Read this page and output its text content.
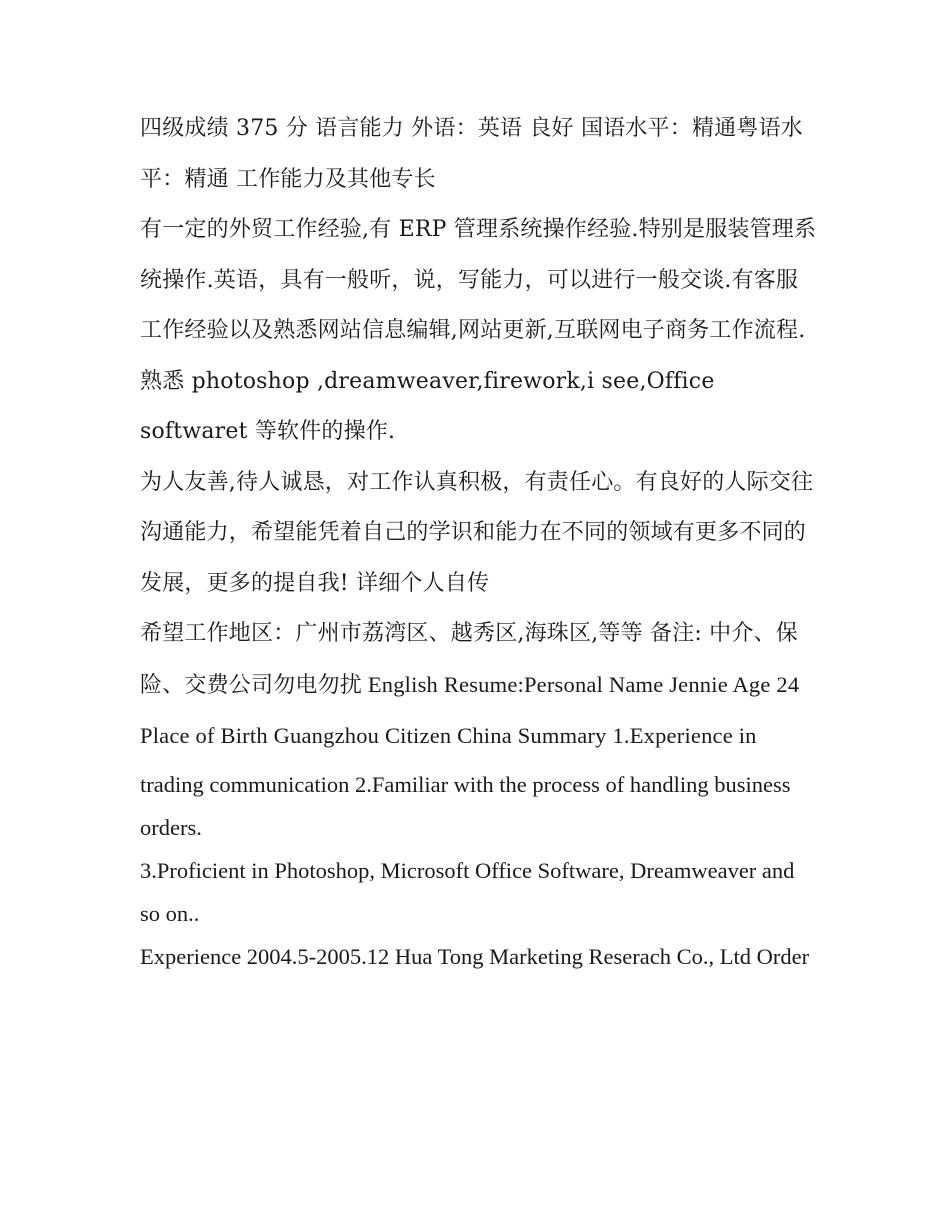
四级成绩 375 分 语言能力 外语：英语 良好 国语水平：精通粤语水平：精通 工作能力及其他专长

有一定的外贸工作经验,有 ERP 管理系统操作经验.特别是服装管理系统操作.英语，具有一般听，说，写能力，可以进行一般交谈.有客服工作经验以及熟悉网站信息编辑,网站更新,互联网电子商务工作流程.

熟悉 photoshop ,dreamweaver,firework,i see,Office softwaret 等软件的操作.

为人友善,待人诚恳，对工作认真积极，有责任心。有良好的人际交往沟通能力，希望能凭着自己的学识和能力在不同的领域有更多不同的发展，更多的提自我! 详细个人自传

希望工作地区：广州市荔湾区、越秀区,海珠区,等等 备注: 中介、保险、交费公司勿电勿扰 English Resume:Personal Name Jennie Age 24 Place of Birth Guangzhou Citizen China Summary 1.Experience in

trading communication 2.Familiar with the process of handling business orders.

3.Proficient in Photoshop, Microsoft Office Software, Dreamweaver and so on..

Experience 2004.5-2005.12 Hua Tong Marketing Reserach Co., Ltd Order
